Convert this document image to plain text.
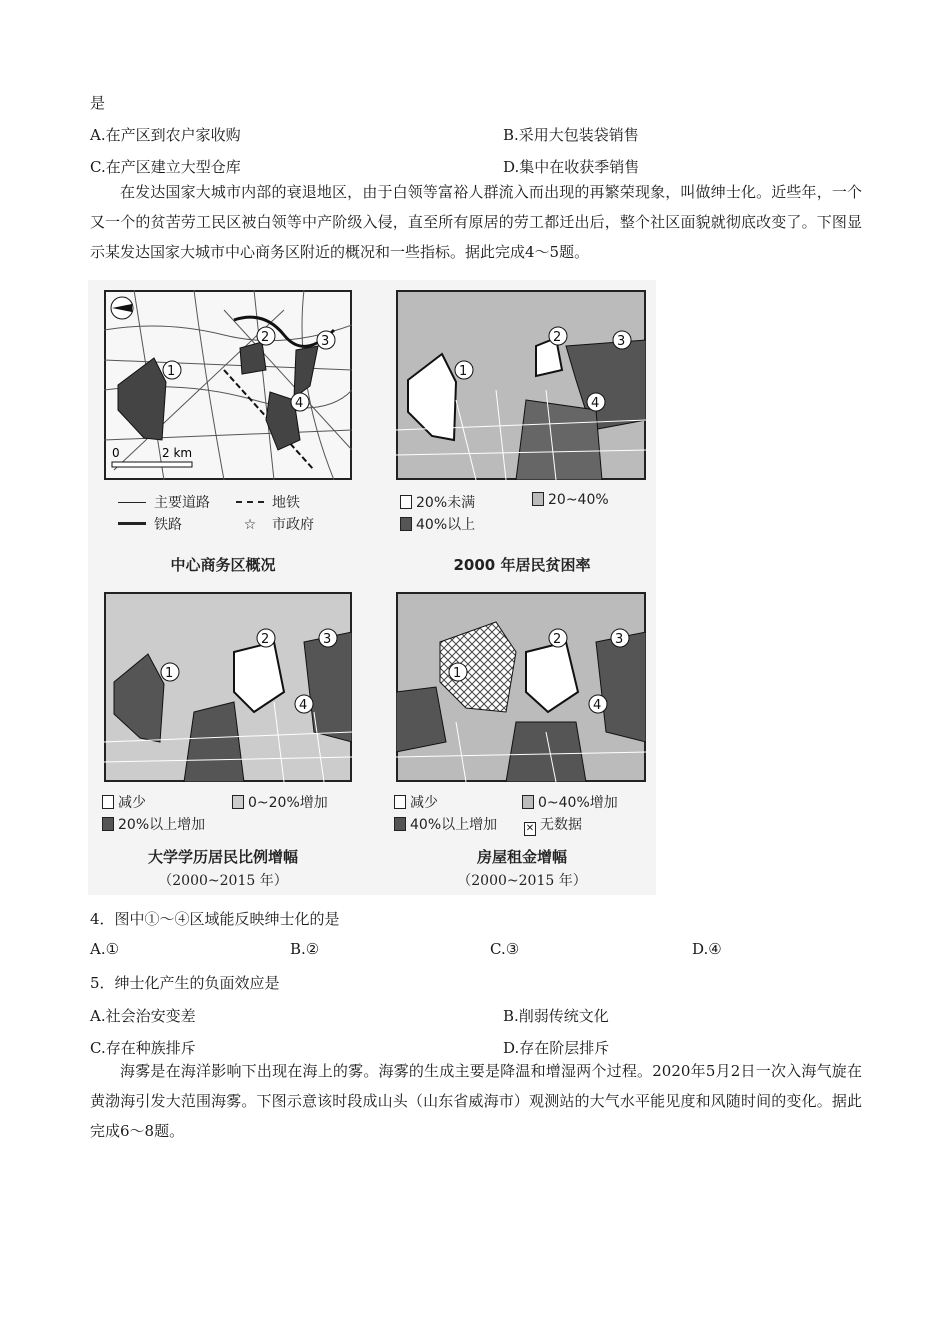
是
A.在产区到农户家收购	B.采用大包装袋销售
C.在产区建立大型仓库	D.集中在收获季销售
在发达国家大城市内部的衰退地区，由于白领等富裕人群流入而出现的再繁荣现象，叫做绅士化。近些年，一个又一个的贫苦劳工民区被白领等中产阶级入侵，直至所有原居的劳工都迁出后，整个社区面貌就彻底改变了。下图显示某发达国家大城市中心商务区附近的概况和一些指标。据此完成4～5题。
1
2	3
4
0	2 km
主要道路	地铁
铁路	☆ 市政府
中心商务区概况
1
2	3
4
20%未满	20~40%
40%以上
2000 年居民贫困率
1
2	3
4
减少	0~20%增加
20%以上增加
大学学历居民比例增幅
（2000~2015 年）
1
2	3
4
减少	0~40%增加
40%以上增加	✕ 无数据
房屋租金增幅
（2000~2015 年）
4．图中①～④区域能反映绅士化的是
A.①	B.②	C.③	D.④
5．绅士化产生的负面效应是
A.社会治安变差	B.削弱传统文化
C.存在种族排斥	D.存在阶层排斥
海雾是在海洋影响下出现在海上的雾。海雾的生成主要是降温和增湿两个过程。2020年5月2日一次入海气旋在黄渤海引发大范围海雾。下图示意该时段成山头（山东省威海市）观测站的大气水平能见度和风随时间的变化。据此完成6～8题。
